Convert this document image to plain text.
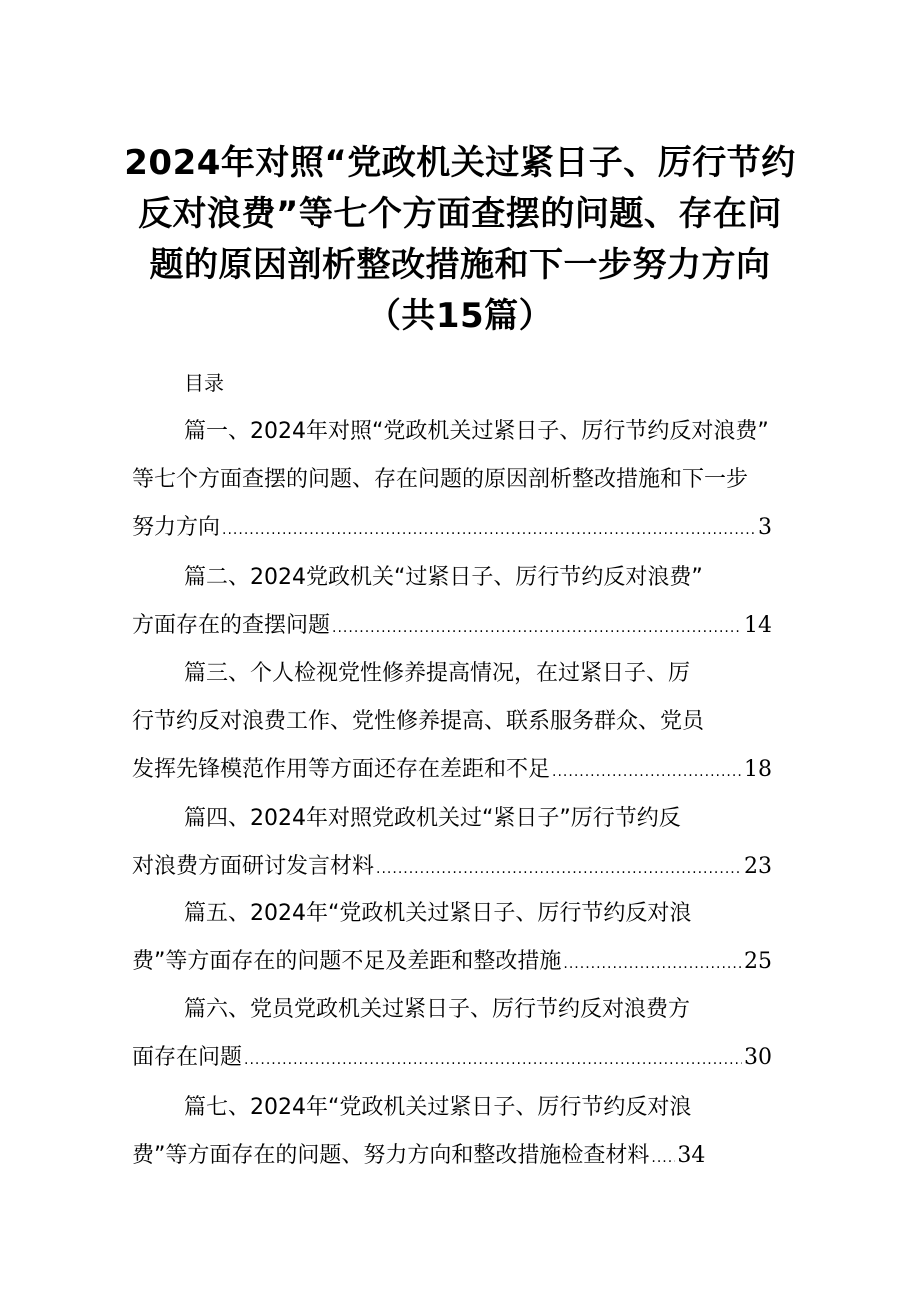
2024年对照“党政机关过紧日子、厉行节约
反对浪费”等七个方面查摆的问题、存在问
题的原因剖析整改措施和下一步努力方向
（共15篇）
目录
篇一、2024年对照“党政机关过紧日子、厉行节约反对浪费”
等七个方面查摆的问题、存在问题的原因剖析整改措施和下一步
努力方向 .....	3
篇二、2024党政机关“过紧日子、厉行节约反对浪费”
方面存在的查摆问题 .....	14
篇三、个人检视党性修养提高情况，在过紧日子、厉
行节约反对浪费工作、党性修养提高、联系服务群众、党员
发挥先锋模范作用等方面还存在差距和不足 .....	18
篇四、2024年对照党政机关过“紧日子”厉行节约反
对浪费方面研讨发言材料 .....	23
篇五、2024年“党政机关过紧日子、厉行节约反对浪
费”等方面存在的问题不足及差距和整改措施 .....	25
篇六、党员党政机关过紧日子、厉行节约反对浪费方
面存在问题 .....	30
篇七、2024年“党政机关过紧日子、厉行节约反对浪
费”等方面存在的问题、努力方向和整改措施检查材料 ..... 34
